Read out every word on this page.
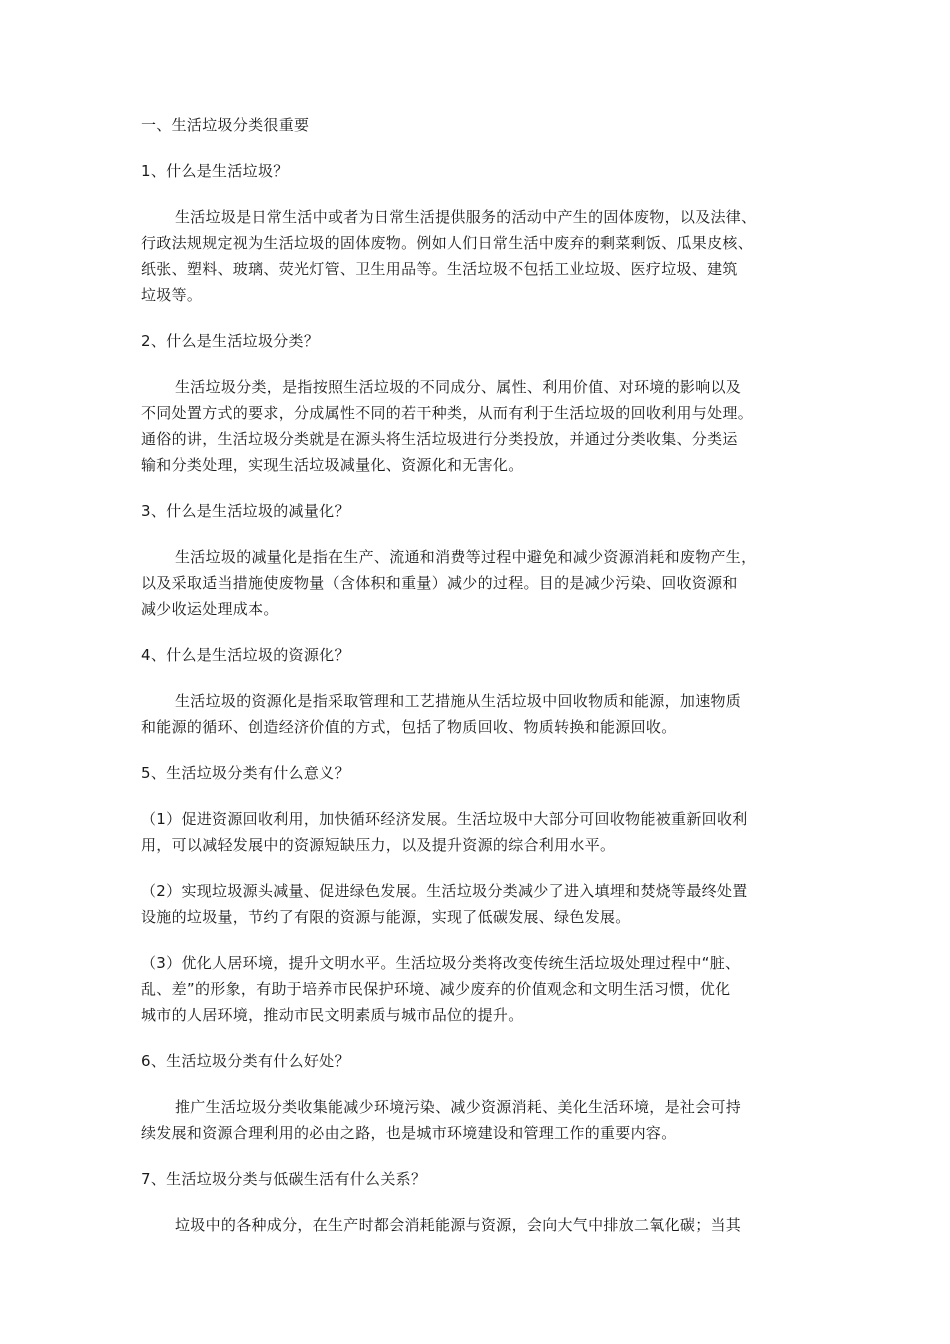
一、生活垃圾分类很重要
1、什么是生活垃圾？
生活垃圾是日常生活中或者为日常生活提供服务的活动中产生的固体废物，以及法律、
行政法规规定视为生活垃圾的固体废物。例如人们日常生活中废弃的剩菜剩饭、瓜果皮核、
纸张、塑料、玻璃、荧光灯管、卫生用品等。生活垃圾不包括工业垃圾、医疗垃圾、建筑
垃圾等。
2、什么是生活垃圾分类？
生活垃圾分类，是指按照生活垃圾的不同成分、属性、利用价值、对环境的影响以及
不同处置方式的要求，分成属性不同的若干种类，从而有利于生活垃圾的回收利用与处理。
通俗的讲，生活垃圾分类就是在源头将生活垃圾进行分类投放，并通过分类收集、分类运
输和分类处理，实现生活垃圾减量化、资源化和无害化。
3、什么是生活垃圾的减量化？
生活垃圾的减量化是指在生产、流通和消费等过程中避免和减少资源消耗和废物产生，
以及采取适当措施使废物量（含体积和重量）减少的过程。目的是减少污染、回收资源和
减少收运处理成本。
4、什么是生活垃圾的资源化？
生活垃圾的资源化是指采取管理和工艺措施从生活垃圾中回收物质和能源，加速物质
和能源的循环、创造经济价值的方式，包括了物质回收、物质转换和能源回收。
5、生活垃圾分类有什么意义？
（1）促进资源回收利用，加快循环经济发展。生活垃圾中大部分可回收物能被重新回收利
用，可以减轻发展中的资源短缺压力，以及提升资源的综合利用水平。
（2）实现垃圾源头减量、促进绿色发展。生活垃圾分类减少了进入填埋和焚烧等最终处置
设施的垃圾量，节约了有限的资源与能源，实现了低碳发展、绿色发展。
（3）优化人居环境，提升文明水平。生活垃圾分类将改变传统生活垃圾处理过程中“脏、
乱、差”的形象，有助于培养市民保护环境、减少废弃的价值观念和文明生活习惯，优化
城市的人居环境，推动市民文明素质与城市品位的提升。
6、生活垃圾分类有什么好处？
推广生活垃圾分类收集能减少环境污染、减少资源消耗、美化生活环境，是社会可持
续发展和资源合理利用的必由之路，也是城市环境建设和管理工作的重要内容。
7、生活垃圾分类与低碳生活有什么关系？
垃圾中的各种成分，在生产时都会消耗能源与资源，会向大气中排放二氧化碳；当其
